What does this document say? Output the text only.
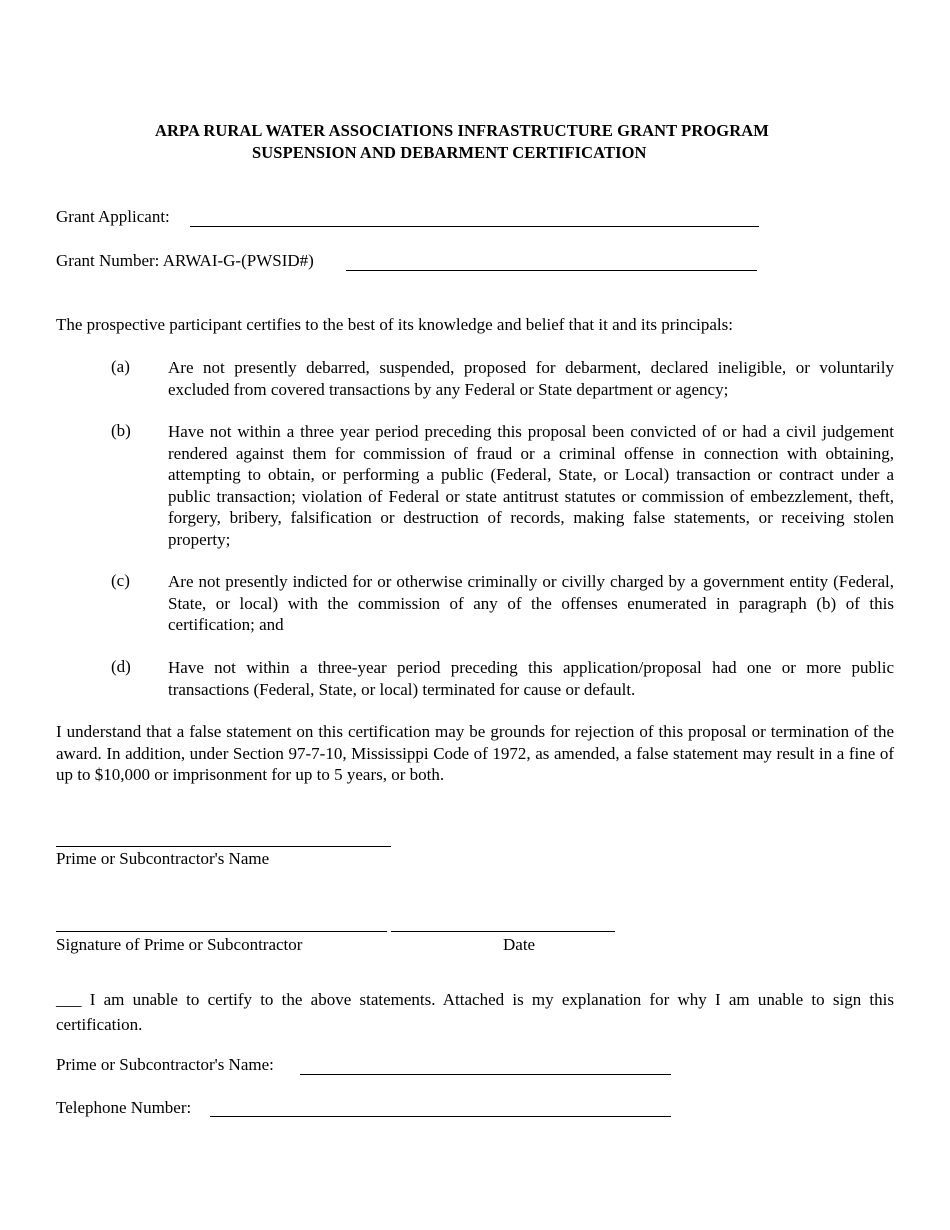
ARPA RURAL WATER ASSOCIATIONS INFRASTRUCTURE GRANT PROGRAM
SUSPENSION AND DEBARMENT CERTIFICATION
Grant Applicant:
Grant Number: ARWAI-G-(PWSID#)
The prospective participant certifies to the best of its knowledge and belief that it and its principals:
(a) Are not presently debarred, suspended, proposed for debarment, declared ineligible, or voluntarily excluded from covered transactions by any Federal or State department or agency;
(b) Have not within a three year period preceding this proposal been convicted of or had a civil judgement rendered against them for commission of fraud or a criminal offense in connection with obtaining, attempting to obtain, or performing a public (Federal, State, or Local) transaction or contract under a public transaction; violation of Federal or state antitrust statutes or commission of embezzlement, theft, forgery, bribery, falsification or destruction of records, making false statements, or receiving stolen property;
(c) Are not presently indicted for or otherwise criminally or civilly charged by a government entity (Federal, State, or local) with the commission of any of the offenses enumerated in paragraph (b) of this certification; and
(d) Have not within a three-year period preceding this application/proposal had one or more public transactions (Federal, State, or local) terminated for cause or default.
I understand that a false statement on this certification may be grounds for rejection of this proposal or termination of the award. In addition, under Section 97-7-10, Mississippi Code of 1972, as amended, a false statement may result in a fine of up to $10,000 or imprisonment for up to 5 years, or both.
Prime or Subcontractor's Name
Signature of Prime or Subcontractor	Date
___ I am unable to certify to the above statements. Attached is my explanation for why I am unable to sign this certification.
Prime or Subcontractor's Name:
Telephone Number:
